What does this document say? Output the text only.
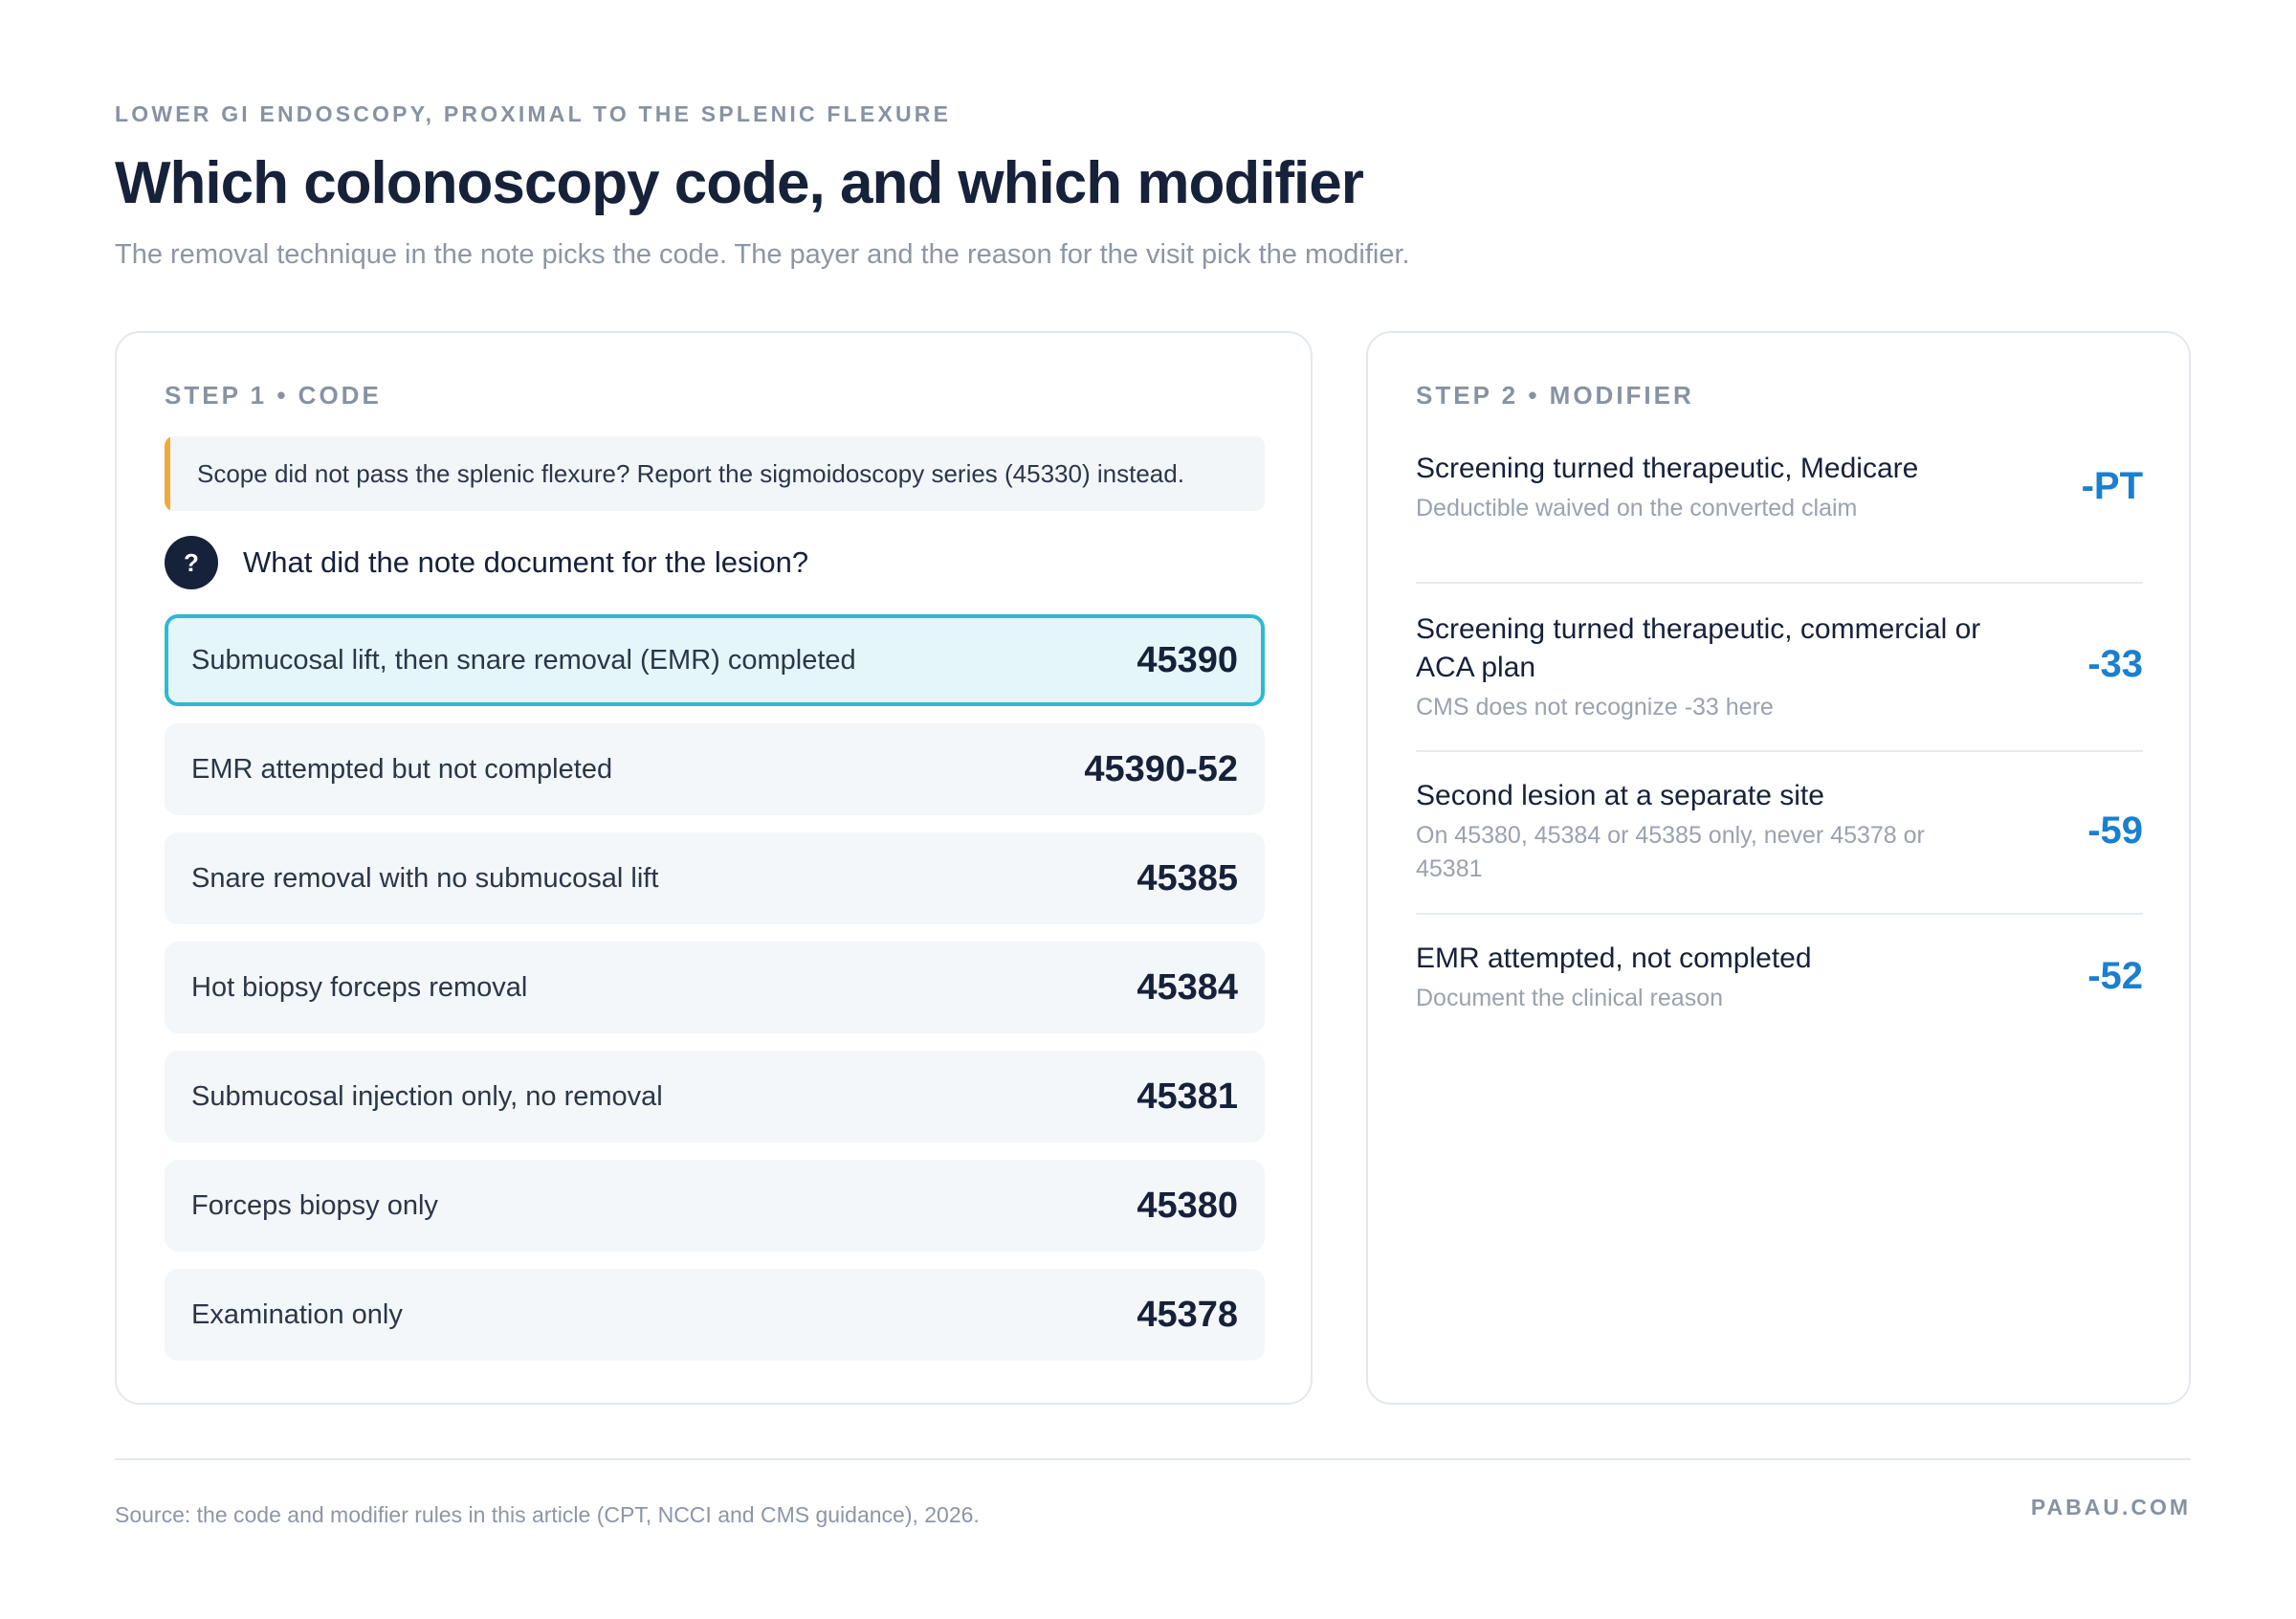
LOWER GI ENDOSCOPY, PROXIMAL TO THE SPLENIC FLEXURE
Which colonoscopy code, and which modifier
The removal technique in the note picks the code. The payer and the reason for the visit pick the modifier.
STEP 1 • CODE
Scope did not pass the splenic flexure? Report the sigmoidoscopy series (45330) instead.
?	What did the note document for the lesion?
Submucosal lift, then snare removal (EMR) completed	45390
EMR attempted but not completed	45390-52
Snare removal with no submucosal lift	45385
Hot biopsy forceps removal	45384
Submucosal injection only, no removal	45381
Forceps biopsy only	45380
Examination only	45378
STEP 2 • MODIFIER
Screening turned therapeutic, Medicare
Deductible waived on the converted claim
-PT
Screening turned therapeutic, commercial or ACA plan
CMS does not recognize -33 here
-33
Second lesion at a separate site
On 45380, 45384 or 45385 only, never 45378 or 45381
-59
EMR attempted, not completed
Document the clinical reason
-52
Source: the code and modifier rules in this article (CPT, NCCI and CMS guidance), 2026.	PABAU.COM
